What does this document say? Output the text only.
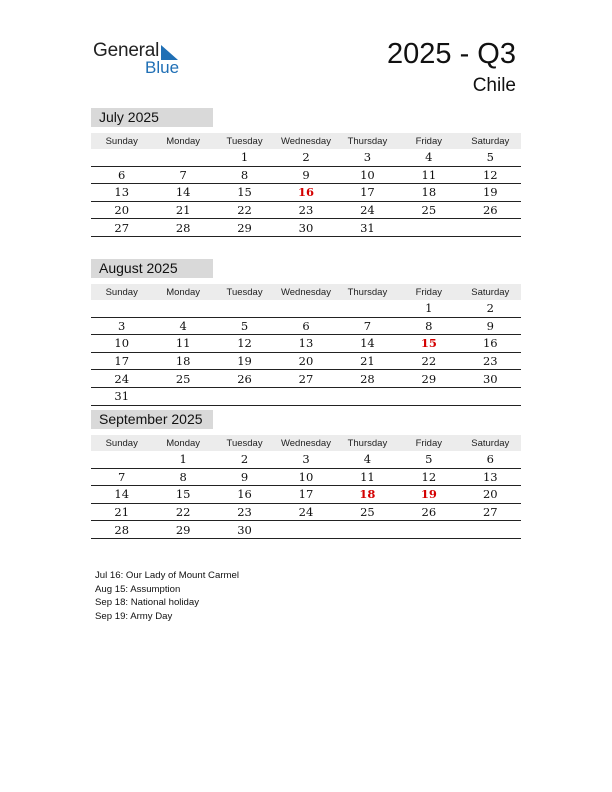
General
Blue	2025 - Q3
Chile
July 2025
Sunday	Monday	Tuesday	Wednesday	Thursday	Friday	Saturday
		1	2	3	4	5
6	7	8	9	10	11	12
13	14	15	16	17	18	19
20	21	22	23	24	25	26
27	28	29	30	31		
August 2025
Sunday	Monday	Tuesday	Wednesday	Thursday	Friday	Saturday
					1	2
3	4	5	6	7	8	9
10	11	12	13	14	15	16
17	18	19	20	21	22	23
24	25	26	27	28	29	30
31						
September 2025
Sunday	Monday	Tuesday	Wednesday	Thursday	Friday	Saturday
	1	2	3	4	5	6
7	8	9	10	11	12	13
14	15	16	17	18	19	20
21	22	23	24	25	26	27
28	29	30				
Jul 16: Our Lady of Mount Carmel
Aug 15: Assumption
Sep 18: National holiday
Sep 19: Army Day
